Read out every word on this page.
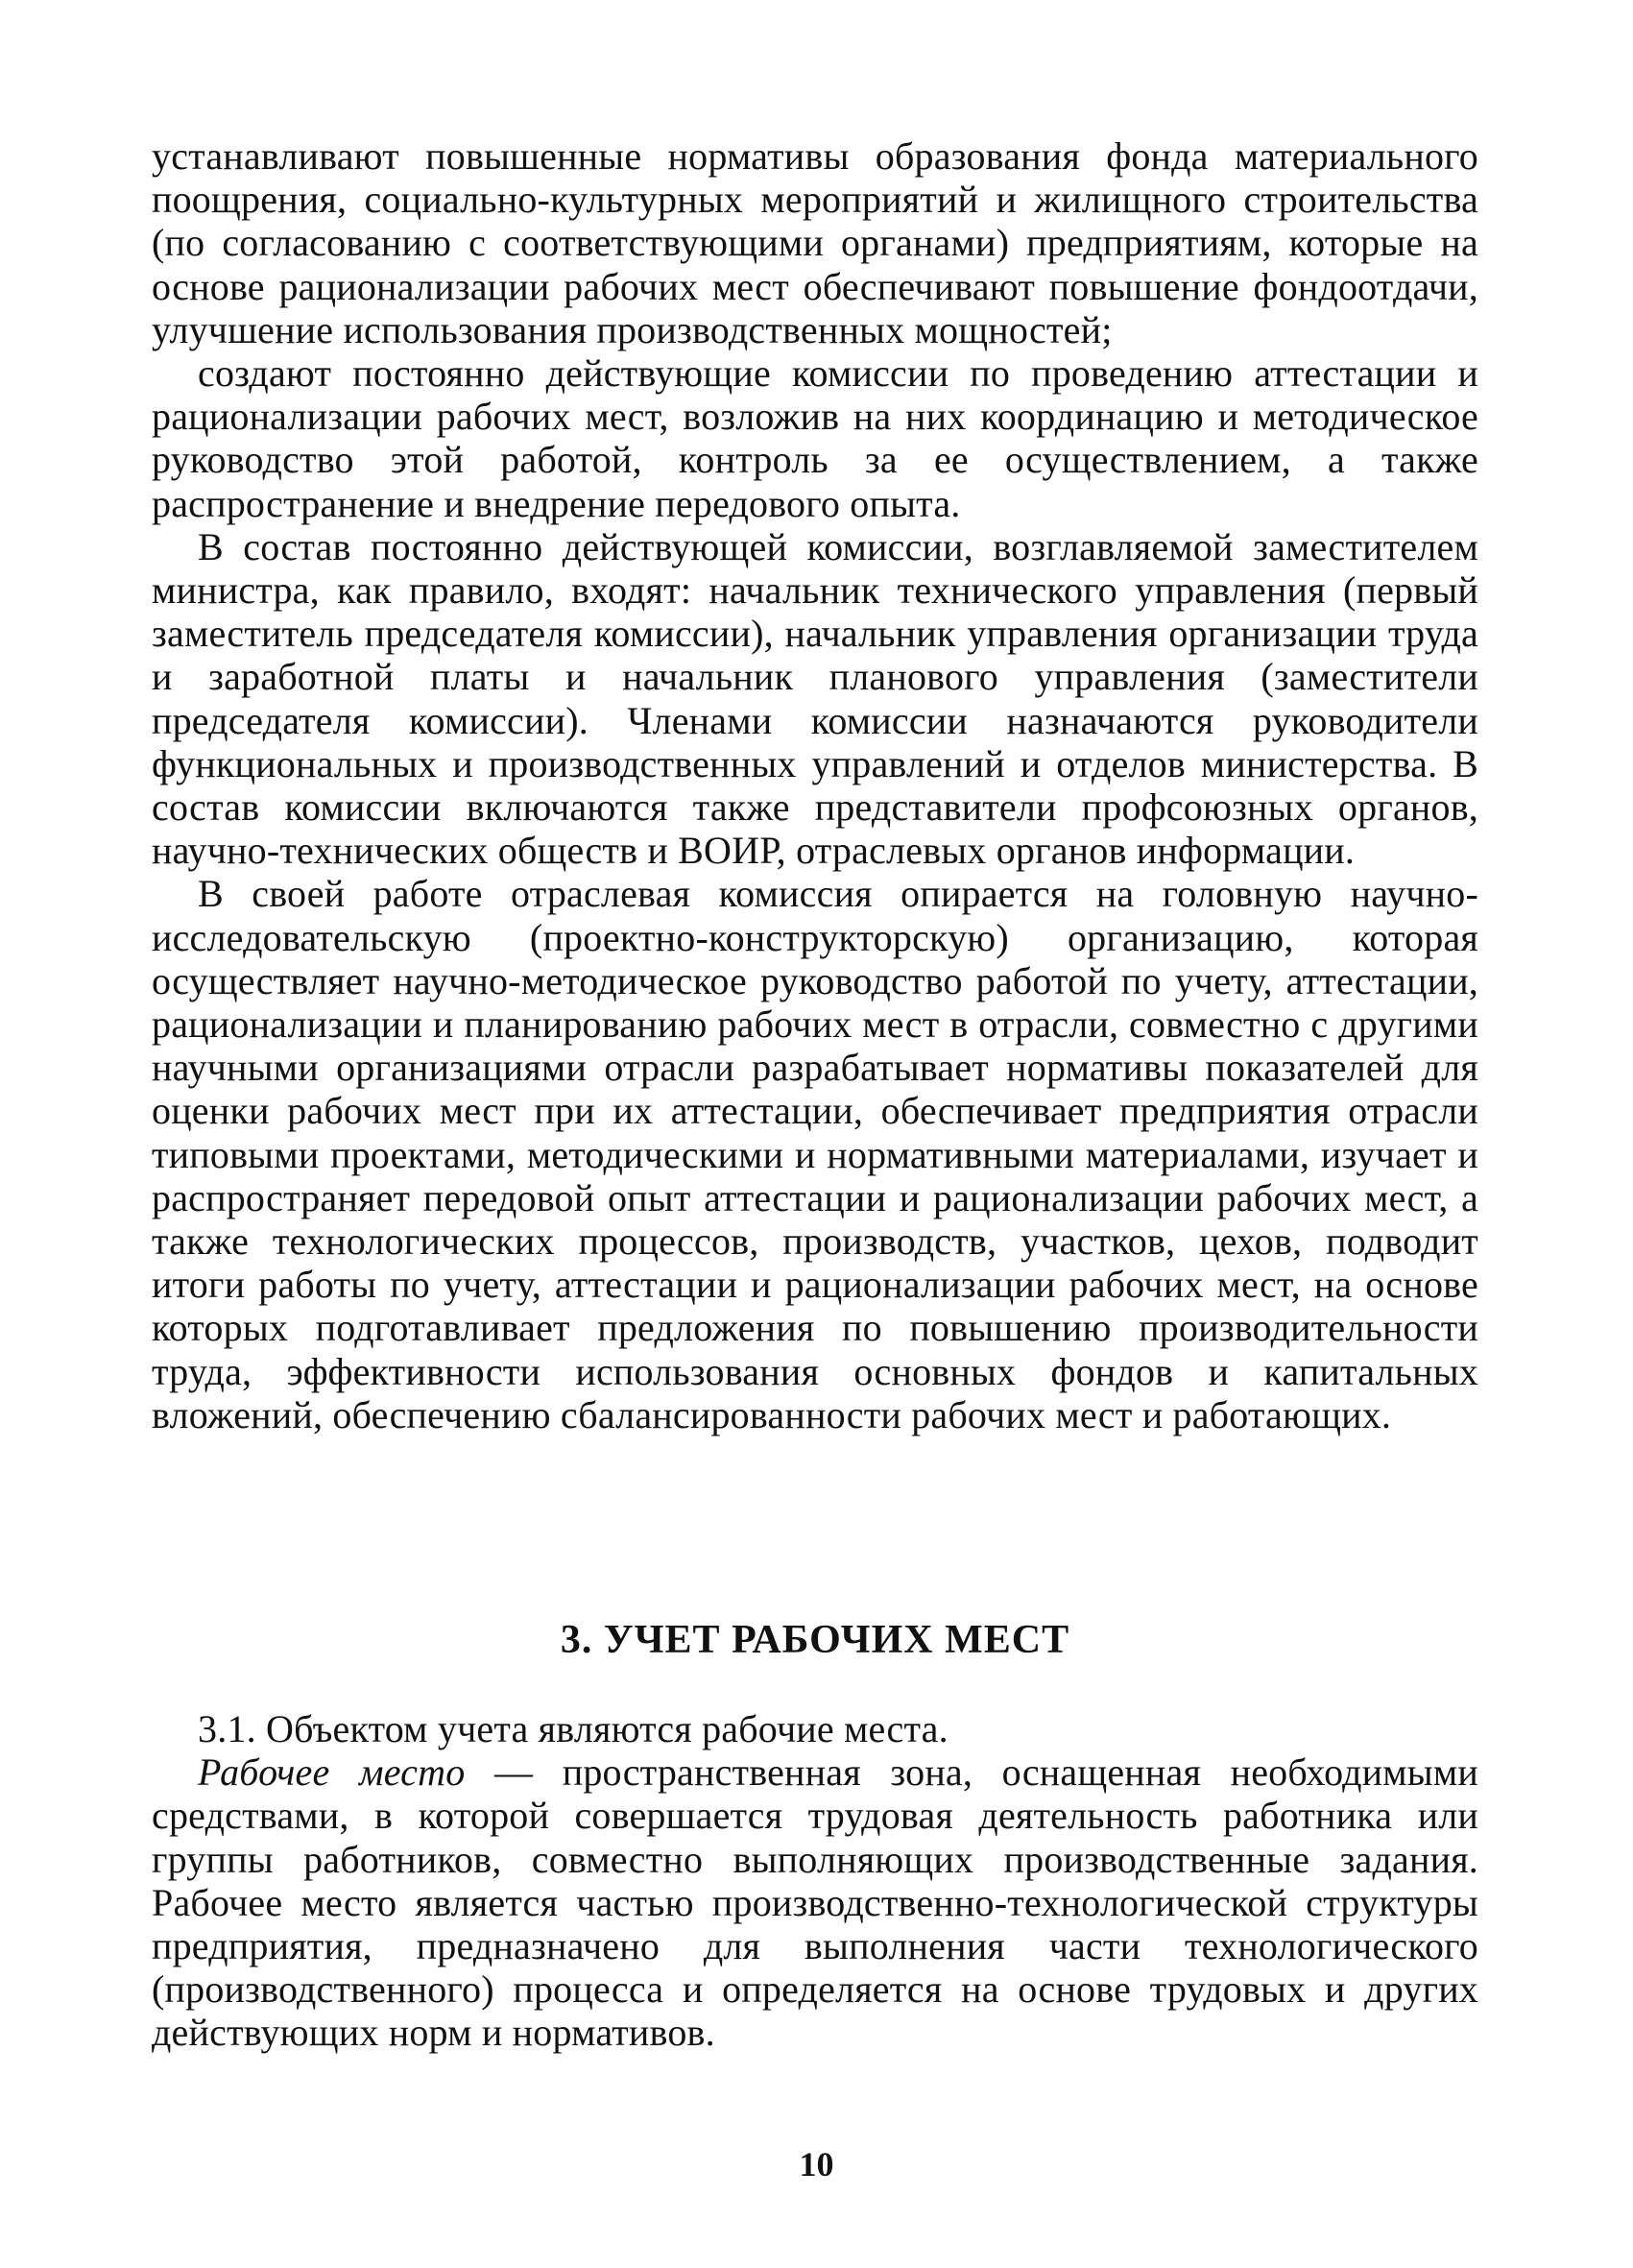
устанавливают повышенные нормативы образования фонда материального поощрения, социально-культурных мероприятий и жилищного строительства (по согласованию с соответствующими органами) предприятиям, которые на основе рационализации рабочих мест обеспечивают повышение фондоотдачи, улучшение использования производственных мощностей;

создают постоянно действующие комиссии по проведению аттестации и рационализации рабочих мест, возложив на них координацию и методическое руководство этой работой, контроль за ее осуществлением, а также распространение и внедрение передового опыта.

В состав постоянно действующей комиссии, возглавляемой заместителем министра, как правило, входят: начальник технического управления (первый заместитель председателя комиссии), начальник управления организации труда и заработной платы и начальник планового управления (заместители председателя комиссии). Членами комиссии назначаются руководители функциональных и производственных управлений и отделов министерства. В состав комиссии включаются также представители профсоюзных органов, научно-технических обществ и ВОИР, отраслевых органов информации.

В своей работе отраслевая комиссия опирается на головную научно-исследовательскую (проектно-конструкторскую) организацию, которая осуществляет научно-методическое руководство работой по учету, аттестации, рационализации и планированию рабочих мест в отрасли, совместно с другими научными организациями отрасли разрабатывает нормативы показателей для оценки рабочих мест при их аттестации, обеспечивает предприятия отрасли типовыми проектами, методическими и нормативными материалами, изучает и распространяет передовой опыт аттестации и рационализации рабочих мест, а также технологических процессов, производств, участков, цехов, подводит итоги работы по учету, аттестации и рационализации рабочих мест, на основе которых подготавливает предложения по повышению производительности труда, эффективности использования основных фондов и капитальных вложений, обеспечению сбалансированности рабочих мест и работающих.

3. УЧЕТ РАБОЧИХ МЕСТ

3.1. Объектом учета являются рабочие места.

Рабочее место — пространственная зона, оснащенная необходимыми средствами, в которой совершается трудовая деятельность работника или группы работников, совместно выполняющих производственные задания. Рабочее место является частью производственно-технологической структуры предприятия, предназначено для выполнения части технологического (производственного) процесса и определяется на основе трудовых и других действующих норм и нормативов.

10
